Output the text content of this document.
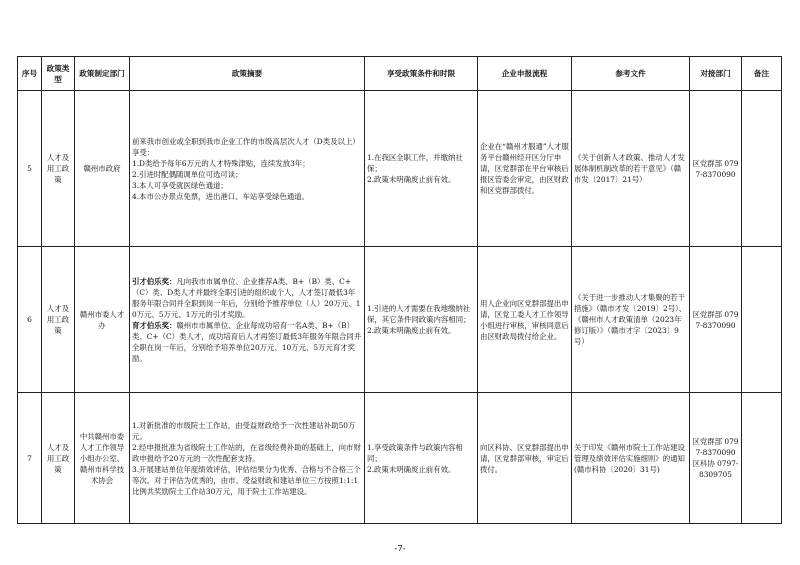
序号	政策类型	政策制定部门	政策摘要	享受政策条件和时限	企业申报流程	参考文件	对接部门	备注
5	人才及用工政策	赣州市政府	前来我市创业或全职到我市企业工作的市级高层次人才（D类及以上）享受：
1.D类给予每年6万元的人才特殊津贴，连续发放3年；
2.引进时配偶随调单位可选可谈；
3.本人可享受就医绿色通道；
4.本市公办景点免票，进出港口、车站享受绿色通道。	1.在我区全职工作，并缴纳社保；
2.政策未明确废止前有效。	企业在“赣州才服通”人才服务平台赣州经开区分厅申请，区党群部在平台审核后报区管委会审定，由区财政和区党群部拨付。	《关于创新人才政策、推动人才发展体制机制改革的若干意见》（赣市发〔2017〕21号）	区党群部 0797-8370090	
6	人才及用工政策	赣州市委人才办	引才伯乐奖：凡向我市市属单位、企业推荐A类、B+（B）类、C+（C）类、D类人才并最终全职引进的组织或个人，人才签订最低3年服务年限合同并全职到岗一年后，分别给予推荐单位（人）20万元、10万元、5万元、1万元的引才奖励。
育才伯乐奖：赣州市市属单位、企业每成功培育一名A类、B+（B）类、C+（C）类人才，成功培育后人才再签订最低3年服务年限合同并全职在岗一年后，分别给予培养单位20万元、10万元、5万元育才奖励。	1.引进的人才需要在我地缴纳社保，其它条件同政策内容相同；
2.政策未明确废止前有效。	用人企业向区党群部提出申请，区党工委人才工作领导小组进行审核，审核同意后由区财政局拨付给企业。	《关于进一步推动人才集聚的若干措施》（赣市才发〔2019〕2号）、《赣州市人才政策清单（2023年修订版）》（赣市才字〔2023〕9号）	区党群部 0797-8370090	
7	人才及用工政策	中共赣州市委人才工作领导小组办公室、赣州市科学技术协会	1.对新批准的市级院士工作站，由受益财政给予一次性建站补助50万元。
2.经申报批准为省级院士工作站的，在省级经费补助的基础上，向市财政申报给予20万元的一次性配套支持。
3.开展建站单位年度绩效评估，评估结果分为优秀、合格与不合格三个等次。对于评估为优秀的，由市、受益财政和建站单位三方按照1:1:1比例共奖励院士工作站30万元，用于院士工作站建设。	1.享受政策条件与政策内容相同；
2.政策未明确废止前有效。	向区科协、区党群部提出申请，区党群部审核，审定后拨付。	关于印发《赣州市院士工作站建设管理及绩效评估实施细则》的通知(赣市科协〔2020〕31号)	区党群部 0797-8370090 区科协 0797-8309705	
-7-
